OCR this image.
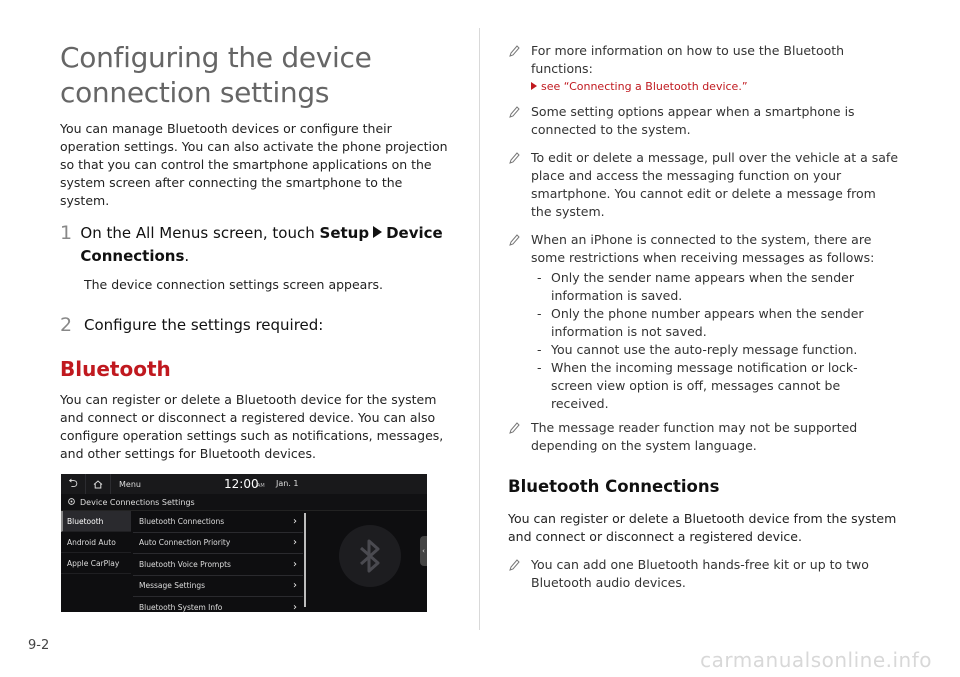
Configuring the device
connection settings

You can manage Bluetooth devices or configure their operation settings. You can also activate the phone projection so that you can control the smartphone applications on the system screen after connecting the smartphone to the system.

1 On the All Menus screen, touch Setup Device Connections.
The device connection settings screen appears.
2 Configure the settings required:
Bluetooth

You can register or delete a Bluetooth device for the system and connect or disconnect a registered device. You can also configure operation settings such as notifications, messages, and other settings for Bluetooth devices.

⮌	Menu	12:00
AM Jan. 1
Device Connections Settings
Bluetooth
Android Auto
Apple CarPlay
Bluetooth Connections	›
Auto Connection Priority	›
Bluetooth Voice Prompts	›
Message Settings	›
Bluetooth System Info	›
‹
For more information on how to use the Bluetooth functions:
see “Connecting a Bluetooth device.”
Some setting options appear when a smartphone is connected to the system.
To edit or delete a message, pull over the vehicle at a safe place and access the messaging function on your smartphone. You cannot edit or delete a message from the system.
When an iPhone is connected to the system, there are some restrictions when receiving messages as follows:
- Only the sender name appears when the sender information is saved.
- Only the phone number appears when the sender information is not saved.
- You cannot use the auto-reply message function.
- When the incoming message notification or lock-screen view option is off, messages cannot be received.
The message reader function may not be supported depending on the system language.
Bluetooth Connections

You can register or delete a Bluetooth device from the system and connect or disconnect a registered device.

You can add one Bluetooth hands-free kit or up to two Bluetooth audio devices.
9-2
carmanualsonline.info
